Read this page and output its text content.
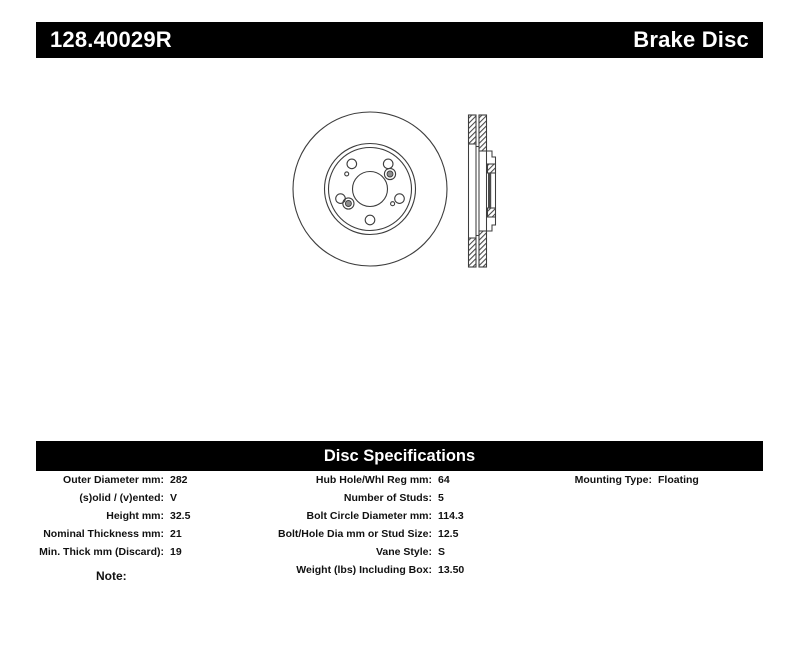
128.40029R	Brake Disc
Disc Specifications
Outer Diameter mm: 282
(s)olid / (v)ented: V
Height mm: 32.5
Nominal Thickness mm: 21
Min. Thick mm (Discard): 19
Hub Hole/Whl Reg mm: 64
Number of Studs: 5
Bolt Circle Diameter mm: 114.3
Bolt/Hole Dia mm or Stud Size: 12.5
Vane Style: S
Weight (lbs) Including Box: 13.50
Mounting Type: Floating
Note:
